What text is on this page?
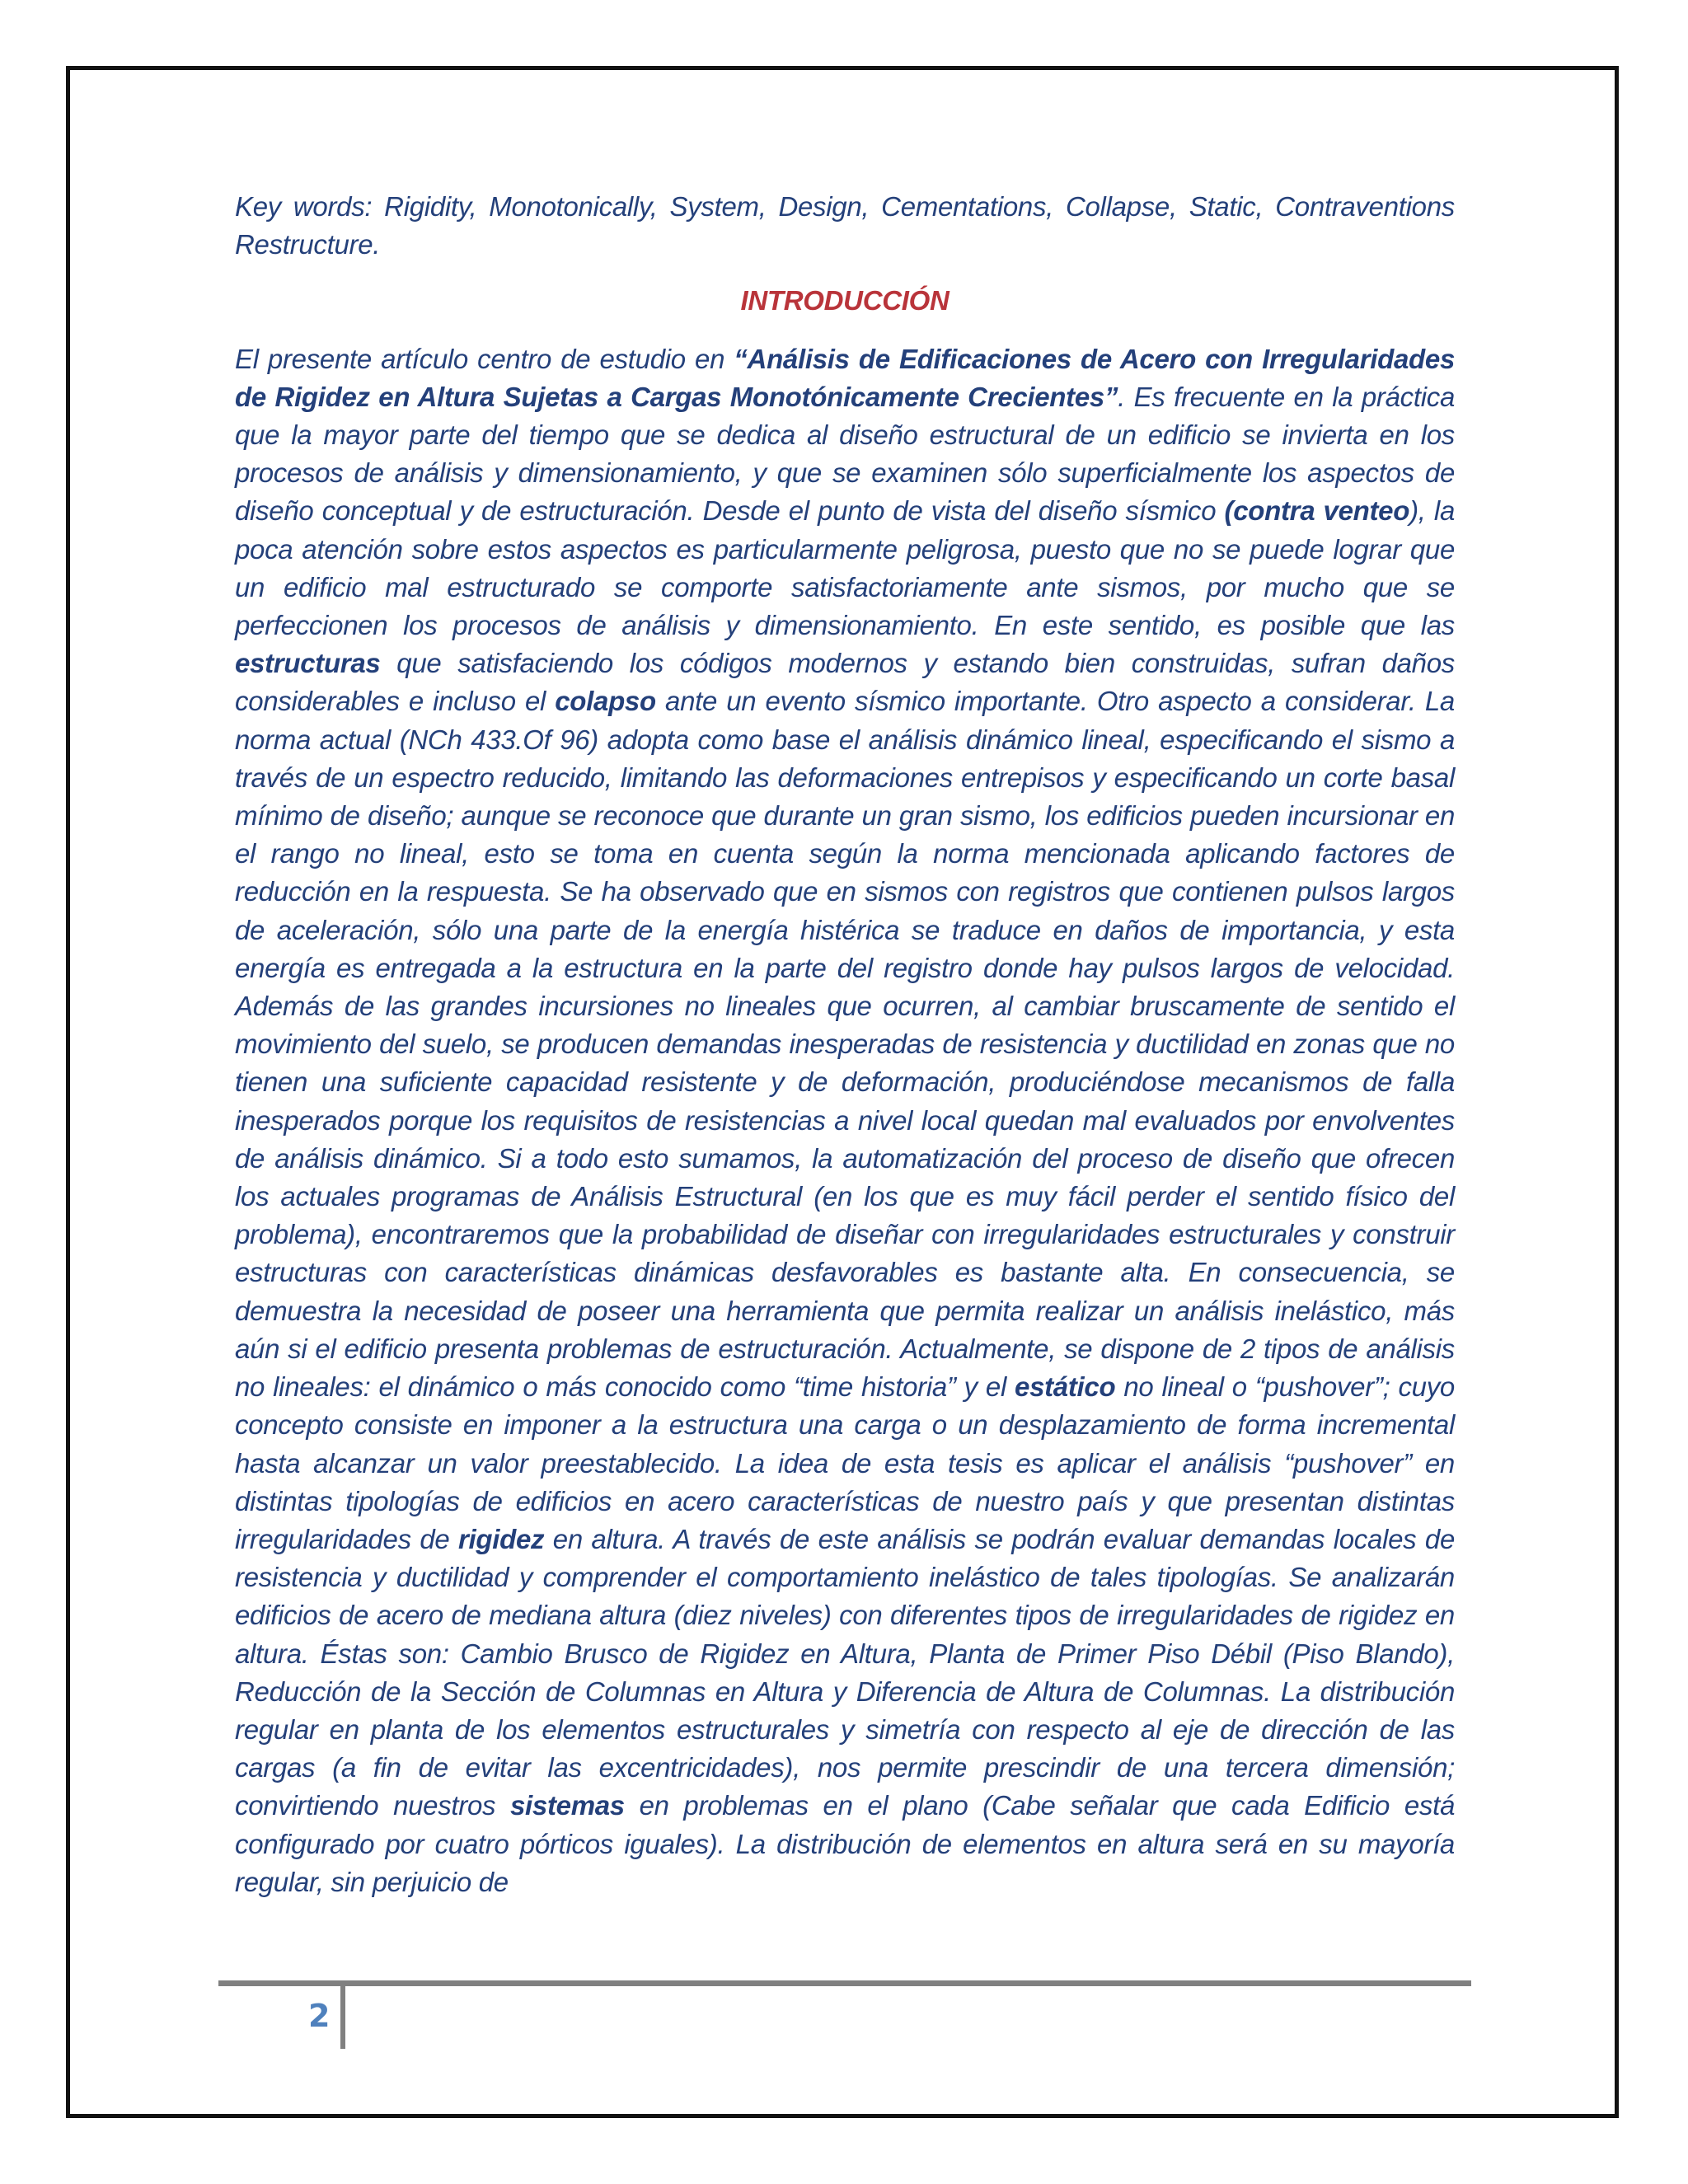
Key words: Rigidity, Monotonically, System, Design, Cementations, Collapse, Static, Contraventions Restructure.

INTRODUCCIÓN

El presente artículo centro de estudio en “Análisis de Edificaciones de Acero con Irregularidades de Rigidez en Altura Sujetas a Cargas Monotónicamente Crecientes”. Es frecuente en la práctica que la mayor parte del tiempo que se dedica al diseño estructural de un edificio se invierta en los procesos de análisis y dimensionamiento, y que se examinen sólo superficialmente los aspectos de diseño conceptual y de estructuración. Desde el punto de vista del diseño sísmico (contra venteo), la poca atención sobre estos aspectos es particularmente peligrosa, puesto que no se puede lograr que un edificio mal estructurado se comporte satisfactoriamente ante sismos, por mucho que se perfeccionen los procesos de análisis y dimensionamiento. En este sentido, es posible que las estructuras que satisfaciendo los códigos modernos y estando bien construidas, sufran daños considerables e incluso el colapso ante un evento sísmico importante. Otro aspecto a considerar. La norma actual (NCh 433.Of 96) adopta como base el análisis dinámico lineal, especificando el sismo a través de un espectro reducido, limitando las deformaciones entrepisos y especificando un corte basal mínimo de diseño; aunque se reconoce que durante un gran sismo, los edificios pueden incursionar en el rango no lineal, esto se toma en cuenta según la norma mencionada aplicando factores de reducción en la respuesta. Se ha observado que en sismos con registros que contienen pulsos largos de aceleración, sólo una parte de la energía histérica se traduce en daños de importancia, y esta energía es entregada a la estructura en la parte del registro donde hay pulsos largos de velocidad. Además de las grandes incursiones no lineales que ocurren, al cambiar bruscamente de sentido el movimiento del suelo, se producen demandas inesperadas de resistencia y ductilidad en zonas que no tienen una suficiente capacidad resistente y de deformación, produciéndose mecanismos de falla inesperados porque los requisitos de resistencias a nivel local quedan mal evaluados por envolventes de análisis dinámico. Si a todo esto sumamos, la automatización del proceso de diseño que ofrecen los actuales programas de Análisis Estructural (en los que es muy fácil perder el sentido físico del problema), encontraremos que la probabilidad de diseñar con irregularidades estructurales y construir estructuras con características dinámicas desfavorables es bastante alta. En consecuencia, se demuestra la necesidad de poseer una herramienta que permita realizar un análisis inelástico, más aún si el edificio presenta problemas de estructuración. Actualmente, se dispone de 2 tipos de análisis no lineales: el dinámico o más conocido como “time historia” y el estático no lineal o “pushover”; cuyo concepto consiste en imponer a la estructura una carga o un desplazamiento de forma incremental hasta alcanzar un valor preestablecido. La idea de esta tesis es aplicar el análisis “pushover” en distintas tipologías de edificios en acero características de nuestro país y que presentan distintas irregularidades de rigidez en altura. A través de este análisis se podrán evaluar demandas locales de resistencia y ductilidad y comprender el comportamiento inelástico de tales tipologías. Se analizarán edificios de acero de mediana altura (diez niveles) con diferentes tipos de irregularidades de rigidez en altura. Éstas son: Cambio Brusco de Rigidez en Altura, Planta de Primer Piso Débil (Piso Blando), Reducción de la Sección de Columnas en Altura y Diferencia de Altura de Columnas. La distribución regular en planta de los elementos estructurales y simetría con respecto al eje de dirección de las cargas (a fin de evitar las excentricidades), nos permite prescindir de una tercera dimensión; convirtiendo nuestros sistemas en problemas en el plano (Cabe señalar que cada Edificio está configurado por cuatro pórticos iguales). La distribución de elementos en altura será en su mayoría regular, sin perjuicio de

2
